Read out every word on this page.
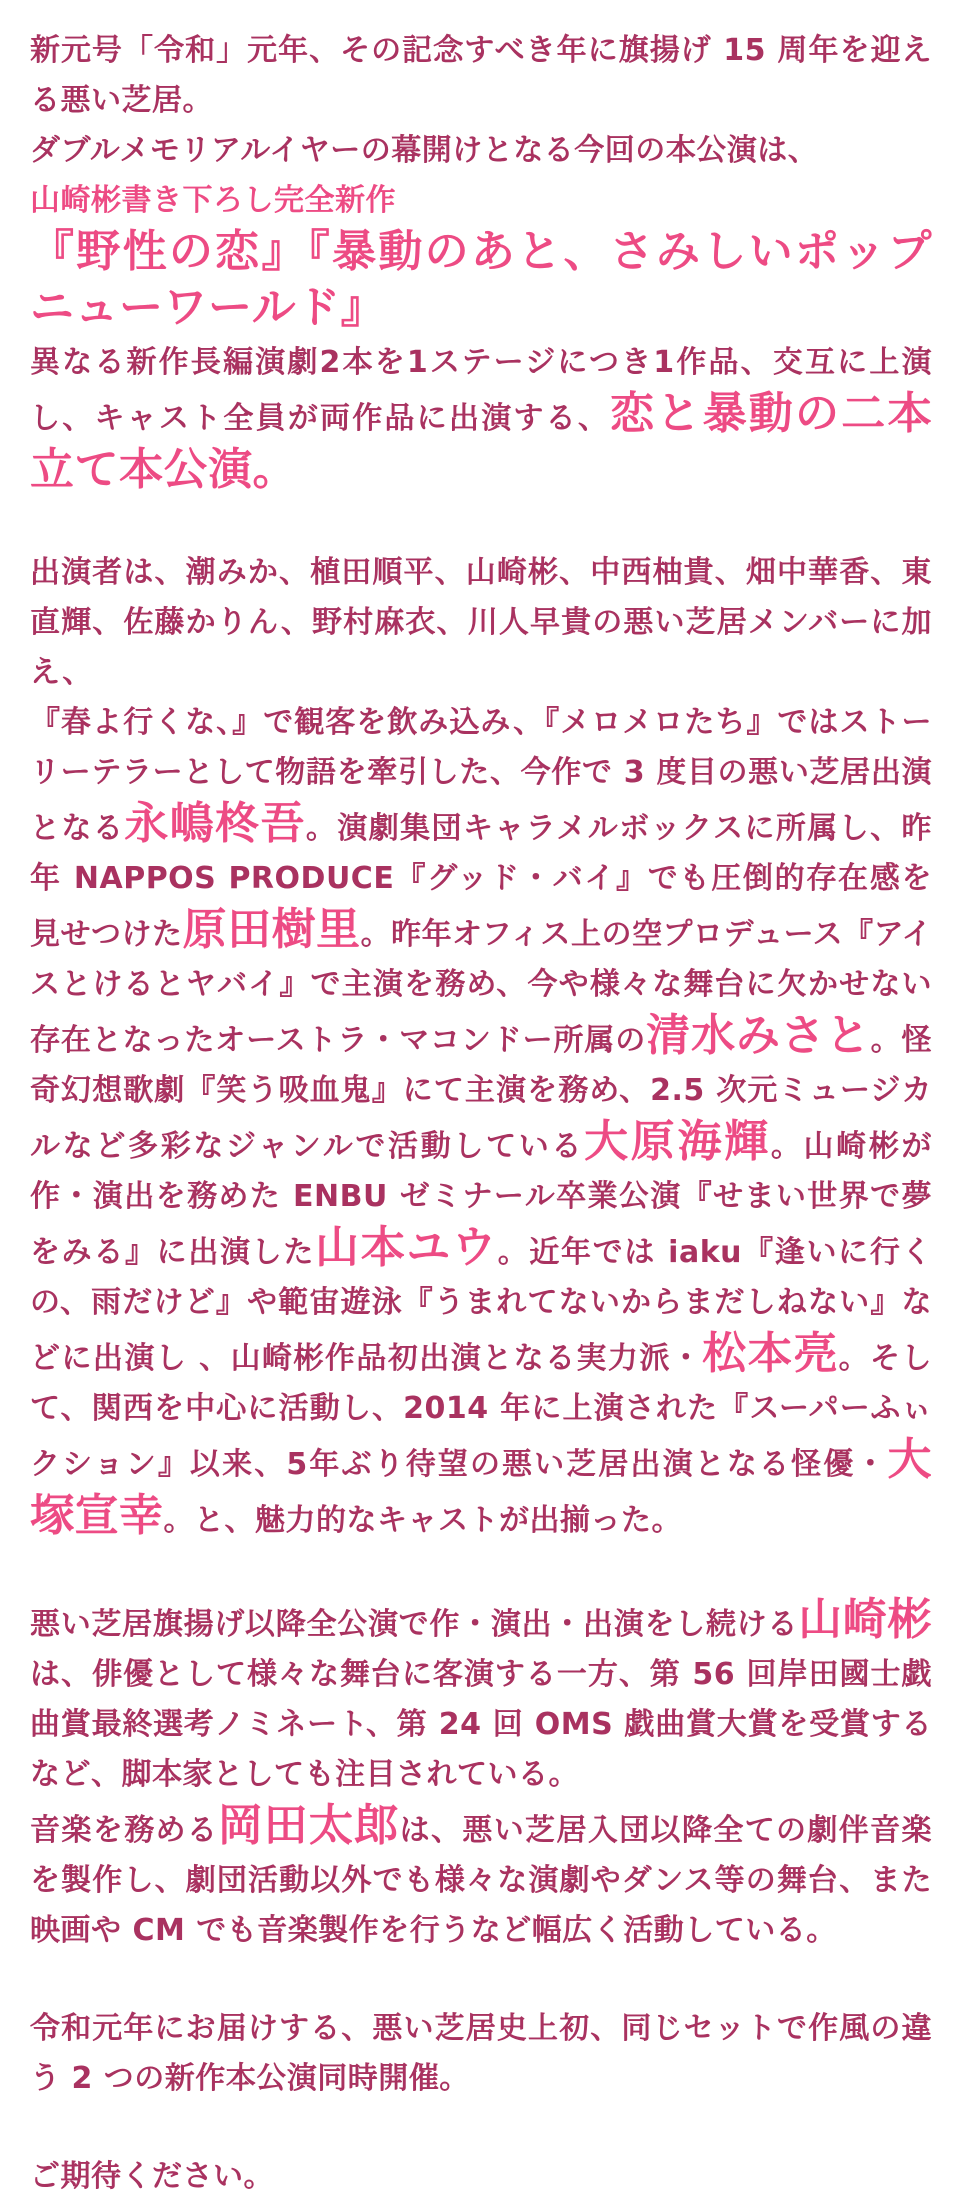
新元号「令和」元年、その記念すべき年に旗揚げ 15 周年を迎える悪い芝居。
ダブルメモリアルイヤーの幕開けとなる今回の本公演は、
山崎彬書き下ろし完全新作
『野性の恋』『暴動のあと、さみしいポップニューワールド』
異なる新作長編演劇2本を1ステージにつき1作品、交互に上演し、キャスト全員が両作品に出演する、恋と暴動の二本立て本公演。

出演者は、潮みか、植田順平、山崎彬、中西柚貴、畑中華香、東直輝、佐藤かりん、野村麻衣、川人早貴の悪い芝居メンバーに加え、
『春よ行くな、』で観客を飲み込み、『メロメロたち』ではストーリーテラーとして物語を牽引した、今作で 3 度目の悪い芝居出演となる永嶋柊吾。演劇集団キャラメルボックスに所属し、昨年 NAPPOS PRODUCE『グッド・バイ』でも圧倒的存在感を見せつけた原田樹里。昨年オフィス上の空プロデュース『アイスとけるとヤバイ』で主演を務め、今や様々な舞台に欠かせない存在となったオーストラ・マコンドー所属の清水みさと。怪奇幻想歌劇『笑う吸血鬼』にて主演を務め、2.5 次元ミュージカルなど多彩なジャンルで活動している大原海輝。山崎彬が作・演出を務めた ENBU ゼミナール卒業公演『せまい世界で夢をみる』に出演した山本ユウ。近年では iaku『逢いに行くの、雨だけど』や範宙遊泳『うまれてないからまだしねない』などに出演し 、山崎彬作品初出演となる実力派・松本亮。そして、関西を中心に活動し、2014 年に上演された『スーパーふぃクション』以来、5年ぶり待望の悪い芝居出演となる怪優・大塚宣幸。と、魅力的なキャストが出揃った。

悪い芝居旗揚げ以降全公演で作・演出・出演をし続ける山崎彬は、俳優として様々な舞台に客演する一方、第 56 回岸田國士戯曲賞最終選考ノミネート、第 24 回 OMS 戯曲賞大賞を受賞するなど、脚本家としても注目されている。
音楽を務める岡田太郎は、悪い芝居入団以降全ての劇伴音楽を製作し、劇団活動以外でも様々な演劇やダンス等の舞台、また映画や CM でも音楽製作を行うなど幅広く活動している。

令和元年にお届けする、悪い芝居史上初、同じセットで作風の違う 2 つの新作本公演同時開催。

ご期待ください。
